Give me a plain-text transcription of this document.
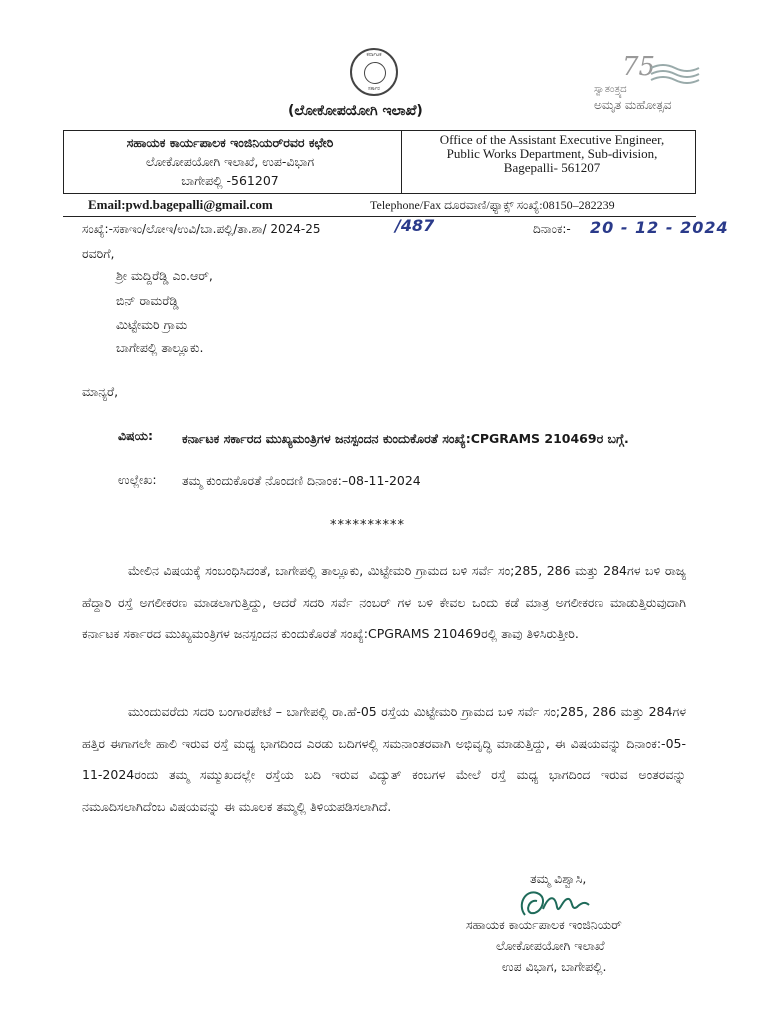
ಕರ್ನಾಟಕ
ಸರ್ಕಾರ
75
ಸ್ವಾತಂತ್ರ್ಯದ
ಅಮೃತ ಮಹೋತ್ಸವ
(ಲೋಕೋಪಯೋಗಿ ಇಲಾಖೆ)
ಸಹಾಯಕ ಕಾರ್ಯಪಾಲಕ ಇಂಜಿನಿಯರ್‌ರವರ ಕಛೇರಿ
ಲೋಕೋಪಯೋಗಿ ಇಲಾಖೆ, ಉಪ-ವಿಭಾಗ
ಬಾಗೇಪಲ್ಲಿ -561207
Office of the Assistant Executive Engineer,
Public Works Department, Sub-division,
Bagepalli- 561207
Email:pwd.bagepalli@gmail.com	Telephone/Fax ದೂರವಾಣಿ/ಫ್ಯಾಕ್ಸ್ ಸಂಖ್ಯೆ:08150–282239
ಸಂಖ್ಯೆ:-ಸಕಾಇಂ/ಲೋಇ/ಉವಿ/ಬಾ.ಪಲ್ಲಿ/ತಾ.ಶಾ/ 2024-25	/487	ದಿನಾಂಕ:- 20 - 12 - 2024
ರವರಿಗೆ,
ಶ್ರೀ ಮದ್ದಿರೆಡ್ಡಿ ಎಂ.ಆರ್,
ಬಿನ್ ರಾಮರೆಡ್ಡಿ
ಮಿಟ್ಟೇಮರಿ ಗ್ರಾಮ
ಬಾಗೇಪಲ್ಲಿ ತಾಲ್ಲೂಕು.
ಮಾನ್ಯರೆ,
ವಿಷಯ: ಕರ್ನಾಟಕ ಸರ್ಕಾರದ ಮುಖ್ಯಮಂತ್ರಿಗಳ ಜನಸ್ಪಂದನ ಕುಂದುಕೊರತೆ ಸಂಖ್ಯೆ:CPGRAMS 210469ರ ಬಗ್ಗೆ.
ಉಲ್ಲೇಖ: ತಮ್ಮ ಕುಂದುಕೊರತೆ ನೊಂದಣಿ ದಿನಾಂಕ:–08-11-2024
**********
ಮೇಲಿನ ವಿಷಯಕ್ಕೆ ಸಂಬಂಧಿಸಿದಂತೆ, ಬಾಗೇಪಲ್ಲಿ ತಾಲ್ಲೂಕು, ಮಿಟ್ಟೇಮರಿ ಗ್ರಾಮದ ಬಳಿ ಸರ್ವೆ ಸಂ;285, 286 ಮತ್ತು 284ಗಳ ಬಳಿ ರಾಜ್ಯ ಹೆದ್ದಾರಿ ರಸ್ತೆ ಅಗಲೀಕರಣ ಮಾಡಲಾಗುತ್ತಿದ್ದು, ಆದರೆ ಸದರಿ ಸರ್ವೆ ನಂಬರ್ ಗಳ ಬಳಿ ಕೇವಲ ಒಂದು ಕಡೆ ಮಾತ್ರ ಅಗಲೀಕರಣ ಮಾಡುತ್ತಿರುವುದಾಗಿ ಕರ್ನಾಟಕ ಸರ್ಕಾರದ ಮುಖ್ಯಮಂತ್ರಿಗಳ ಜನಸ್ಪಂದನ ಕುಂದುಕೊರತೆ ಸಂಖ್ಯೆ:CPGRAMS 210469ರಲ್ಲಿ ತಾವು ತಿಳಿಸಿರುತ್ತೀರಿ.
ಮುಂದುವರೆದು ಸದರಿ ಬಂಗಾರಪೇಟೆ – ಬಾಗೇಪಲ್ಲಿ ರಾ.ಹೆ-05 ರಸ್ತೆಯ ಮಿಟ್ಟೇಮರಿ ಗ್ರಾಮದ ಬಳಿ ಸರ್ವೆ ಸಂ;285, 286 ಮತ್ತು 284ಗಳ ಹತ್ತಿರ ಈಗಾಗಲೇ ಹಾಲಿ ಇರುವ ರಸ್ತೆ ಮಧ್ಯ ಭಾಗದಿಂದ ಎರಡು ಬದಿಗಳಲ್ಲಿ ಸಮನಾಂತರವಾಗಿ ಅಭಿವೃದ್ಧಿ ಮಾಡುತ್ತಿದ್ದು, ಈ ವಿಷಯವನ್ನು ದಿನಾಂಕ:-05-11-2024ರಂದು ತಮ್ಮ ಸಮ್ಮುಖದಲ್ಲೇ ರಸ್ತೆಯ ಬದಿ ಇರುವ ವಿದ್ಯುತ್ ಕಂಬಗಳ ಮೇಲೆ ರಸ್ತೆ ಮಧ್ಯ ಭಾಗದಿಂದ ಇರುವ ಅಂತರವನ್ನು ನಮೂದಿಸಲಾಗಿದೆಂಬ ವಿಷಯವನ್ನು ಈ ಮೂಲಕ ತಮ್ಮಲ್ಲಿ ತಿಳಿಯಪಡಿಸಲಾಗಿದೆ.
ತಮ್ಮ ವಿಶ್ವಾಸಿ,
ಸಹಾಯಕ ಕಾರ್ಯಪಾಲಕ ಇಂಜಿನಿಯರ್
ಲೋಕೋಪಯೋಗಿ ಇಲಾಖೆ
ಉಪ ವಿಭಾಗ, ಬಾಗೇಪಲ್ಲಿ.
